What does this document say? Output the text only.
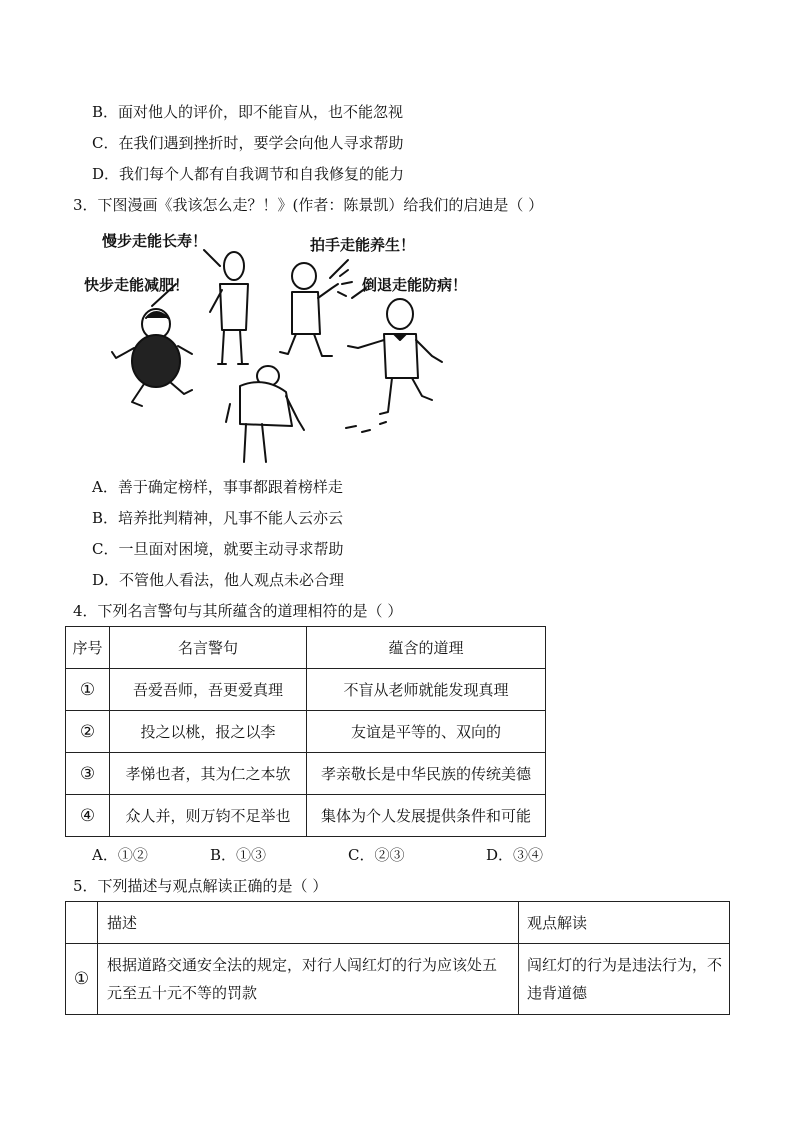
B．面对他人的评价，即不能盲从，也不能忽视
C．在我们遇到挫折时，要学会向他人寻求帮助
D．我们每个人都有自我调节和自我修复的能力
3．下图漫画《我该怎么走？！》(作者：陈景凯）给我们的启迪是（ ）
慢步走能长寿！	拍手走能养生！
快步走能减肥！	倒退走能防病！
A．善于确定榜样，事事都跟着榜样走
B．培养批判精神，凡事不能人云亦云
C．一旦面对困境，就要主动寻求帮助
D．不管他人看法，他人观点未必合理
4．下列名言警句与其所蕴含的道理相符的是（ ）
序号	名言警句	蕴含的道理
①	吾爱吾师，吾更爱真理	不盲从老师就能发现真理
②	投之以桃，报之以李	友谊是平等的、双向的
③	孝悌也者，其为仁之本欤	孝亲敬长是中华民族的传统美德
④	众人并，则万钧不足举也	集体为个人发展提供条件和可能
A．①②	B．①③	C．②③	D．③④
5．下列描述与观点解读正确的是（ ）
	描述	观点解读
①	根据道路交通安全法的规定，对行人闯红灯的行为应该处五元至五十元不等的罚款	闯红灯的行为是违法行为，不违背道德
